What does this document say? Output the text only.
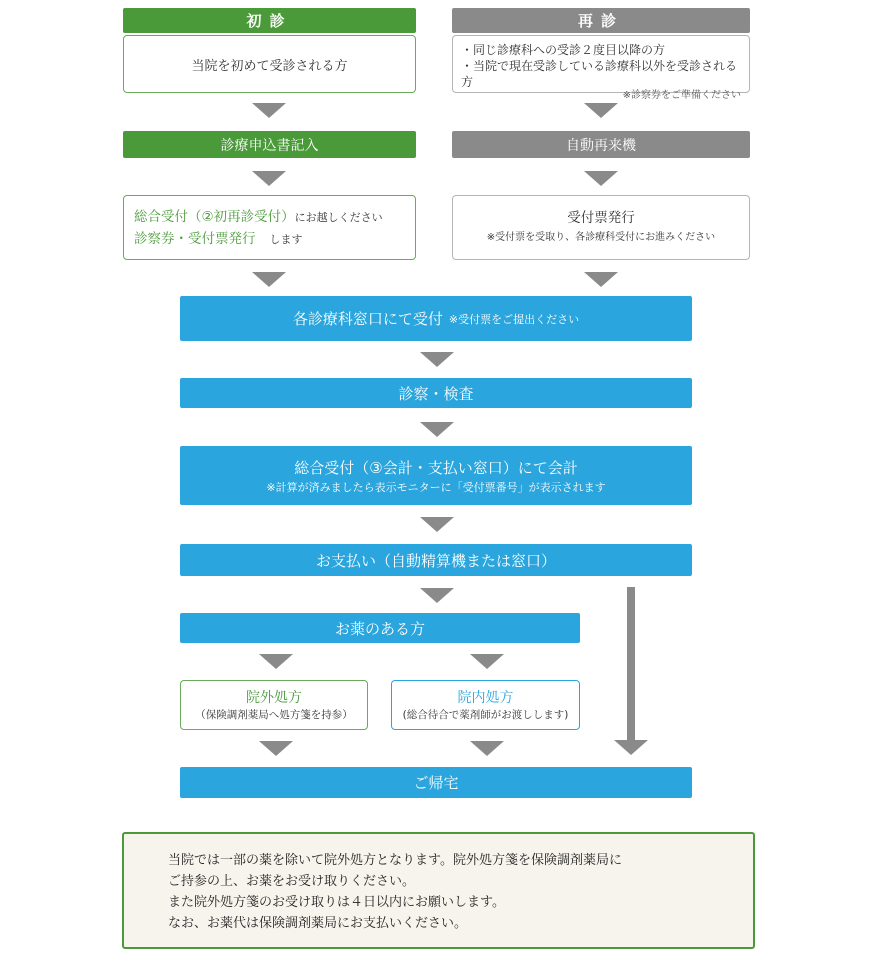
初診	再診
当院を初めて受診される方
・同じ診療科への受診２度目以降の方
・当院で現在受診している診療科以外を受診される方
※診察券をご準備ください
診療申込書記入	自動再来機
総合受付（②初再診受付）にお越しください
診察券・受付票発行 します
受付票発行
※受付票を受取り、各診療科受付にお進みください
各診療科窓口にて受付 ※受付票をご提出ください
診察・検査
総合受付（③会計・支払い窓口）にて会計
※計算が済みましたら表示モニターに「受付票番号」が表示されます
お支払い（自動精算機または窓口）
お薬のある方
院外処方
（保険調剤薬局へ処方箋を持参）
院内処方
(総合待合で薬剤師がお渡しします)
ご帰宅
当院では一部の薬を除いて院外処方となります。院外処方箋を保険調剤薬局に
ご持参の上、お薬をお受け取りください。
また院外処方箋のお受け取りは４日以内にお願いします。
なお、お薬代は保険調剤薬局にお支払いください。
